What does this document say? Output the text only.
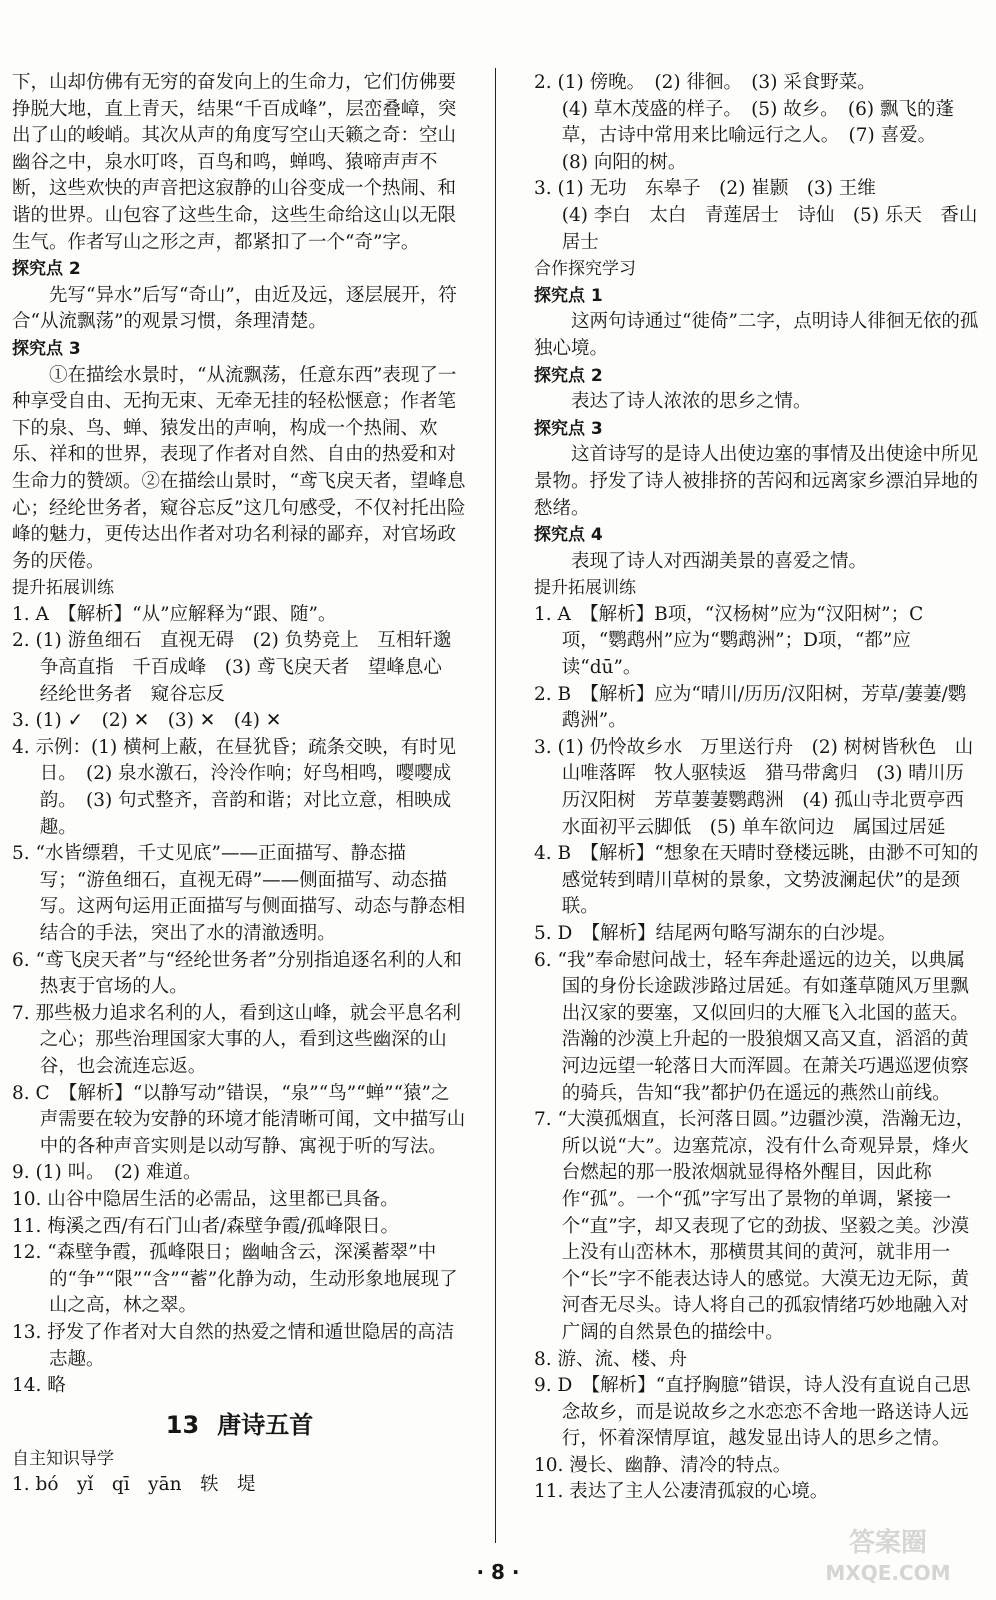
下，山却仿佛有无穷的奋发向上的生命力，它们仿佛要挣脱大地，直上青天，结果“千百成峰”，层峦叠嶂，突出了山的峻峭。其次从声的角度写空山天籁之奇：空山幽谷之中，泉水叮咚，百鸟和鸣，蝉鸣、猿啼声声不断，这些欢快的声音把这寂静的山谷变成一个热闹、和谐的世界。山包容了这些生命，这些生命给这山以无限生气。作者写山之形之声，都紧扣了一个“奇”字。

探究点 2

先写“异水”后写“奇山”，由近及远，逐层展开，符合“从流飘荡”的观景习惯，条理清楚。

探究点 3

①在描绘水景时，“从流飘荡，任意东西”表现了一种享受自由、无拘无束、无牵无挂的轻松惬意；作者笔下的泉、鸟、蝉、猿发出的声响，构成一个热闹、欢乐、祥和的世界，表现了作者对自然、自由的热爱和对生命力的赞颂。②在描绘山景时，“鸢飞戾天者，望峰息心；经纶世务者，窥谷忘反”这几句感受，不仅衬托出险峰的魅力，更传达出作者对功名利禄的鄙弃，对官场政务的厌倦。

提升拓展训练

1. A　【解析】“从”应解释为“跟、随”。

2. (1) 游鱼细石　直视无碍　(2) 负势竞上　互相轩邈　争高直指　千百成峰　(3) 鸢飞戾天者　望峰息心　经纶世务者　窥谷忘反

3. (1) ✓　(2) ✕　(3) ✕　(4) ✕

4. 示例：(1) 横柯上蔽，在昼犹昏；疏条交映，有时见日。　(2) 泉水激石，泠泠作响；好鸟相鸣，嘤嘤成韵。　(3) 句式整齐，音韵和谐；对比立意，相映成趣。

5. “水皆缥碧，千丈见底”——正面描写、静态描写；“游鱼细石，直视无碍”——侧面描写、动态描写。这两句运用正面描写与侧面描写、动态与静态相结合的手法，突出了水的清澈透明。

6. “鸢飞戾天者”与“经纶世务者”分别指追逐名利的人和热衷于官场的人。

7. 那些极力追求名利的人，看到这山峰，就会平息名利之心；那些治理国家大事的人，看到这些幽深的山谷，也会流连忘返。

8. C　【解析】“以静写动”错误，“泉”“鸟”“蝉”“猿”之声需要在较为安静的环境才能清晰可闻，文中描写山中的各种声音实则是以动写静、寓视于听的写法。

9. (1) 叫。　(2) 难道。

10. 山谷中隐居生活的必需品，这里都已具备。

11. 梅溪之西/有石门山者/森壁争霞/孤峰限日。

12. “森壁争霞，孤峰限日；幽岫含云，深溪蓄翠”中的“争”“限”“含”“蓄”化静为动，生动形象地展现了山之高，林之翠。

13. 抒发了作者对大自然的热爱之情和遁世隐居的高洁志趣。

14. 略

13 唐诗五首

自主知识导学

1. bó　yǐ　qī　yān　轶　堤

2. (1) 傍晚。　(2) 徘徊。　(3) 采食野菜。

(4) 草木茂盛的样子。　(5) 故乡。　(6) 飘飞的蓬草，古诗中常用来比喻远行之人。　(7) 喜爱。

(8) 向阳的树。

3. (1) 无功　东皋子　(2) 崔颢　(3) 王维

(4) 李白　太白　青莲居士　诗仙　(5) 乐天　香山居士

合作探究学习

探究点 1

这两句诗通过“徙倚”二字，点明诗人徘徊无依的孤独心境。

探究点 2

表达了诗人浓浓的思乡之情。

探究点 3

这首诗写的是诗人出使边塞的事情及出使途中所见景物。抒发了诗人被排挤的苦闷和远离家乡漂泊异地的愁绪。

探究点 4

表现了诗人对西湖美景的喜爱之情。

提升拓展训练

1. A　【解析】B项，“汉杨树”应为“汉阳树”；C项，“鹦鹉州”应为“鹦鹉洲”；D项，“都”应读“dū”。

2. B　【解析】应为“晴川/历历/汉阳树，芳草/萋萋/鹦鹉洲”。

3. (1) 仍怜故乡水　万里送行舟　(2) 树树皆秋色　山山唯落晖　牧人驱犊返　猎马带禽归　(3) 晴川历历汉阳树　芳草萋萋鹦鹉洲　(4) 孤山寺北贾亭西　水面初平云脚低　(5) 单车欲问边　属国过居延

4. B　【解析】“想象在天晴时登楼远眺，由渺不可知的感觉转到晴川草树的景象，文势波澜起伏”的是颈联。

5. D　【解析】结尾两句略写湖东的白沙堤。

6. “我”奉命慰问战士，轻车奔赴遥远的边关，以典属国的身份长途跋涉路过居延。有如蓬草随风万里飘出汉家的要塞，又似回归的大雁飞入北国的蓝天。浩瀚的沙漠上升起的一股狼烟又高又直，滔滔的黄河边远望一轮落日大而浑圆。在萧关巧遇巡逻侦察的骑兵，告知“我”都护仍在遥远的燕然山前线。

7. “大漠孤烟直，长河落日圆。”边疆沙漠，浩瀚无边，所以说“大”。边塞荒凉，没有什么奇观异景，烽火台燃起的那一股浓烟就显得格外醒目，因此称作“孤”。一个“孤”字写出了景物的单调，紧接一个“直”字，却又表现了它的劲拔、坚毅之美。沙漠上没有山峦林木，那横贯其间的黄河，就非用一个“长”字不能表达诗人的感觉。大漠无边无际，黄河杳无尽头。诗人将自己的孤寂情绪巧妙地融入对广阔的自然景色的描绘中。

8. 游、流、楼、舟

9. D　【解析】“直抒胸臆”错误，诗人没有直说自己思念故乡，而是说故乡之水恋恋不舍地一路送诗人远行，怀着深情厚谊，越发显出诗人的思乡之情。

10. 漫长、幽静、清冷的特点。

11. 表达了主人公凄清孤寂的心境。

· 8 ·
答案圈
MXQE.COM
